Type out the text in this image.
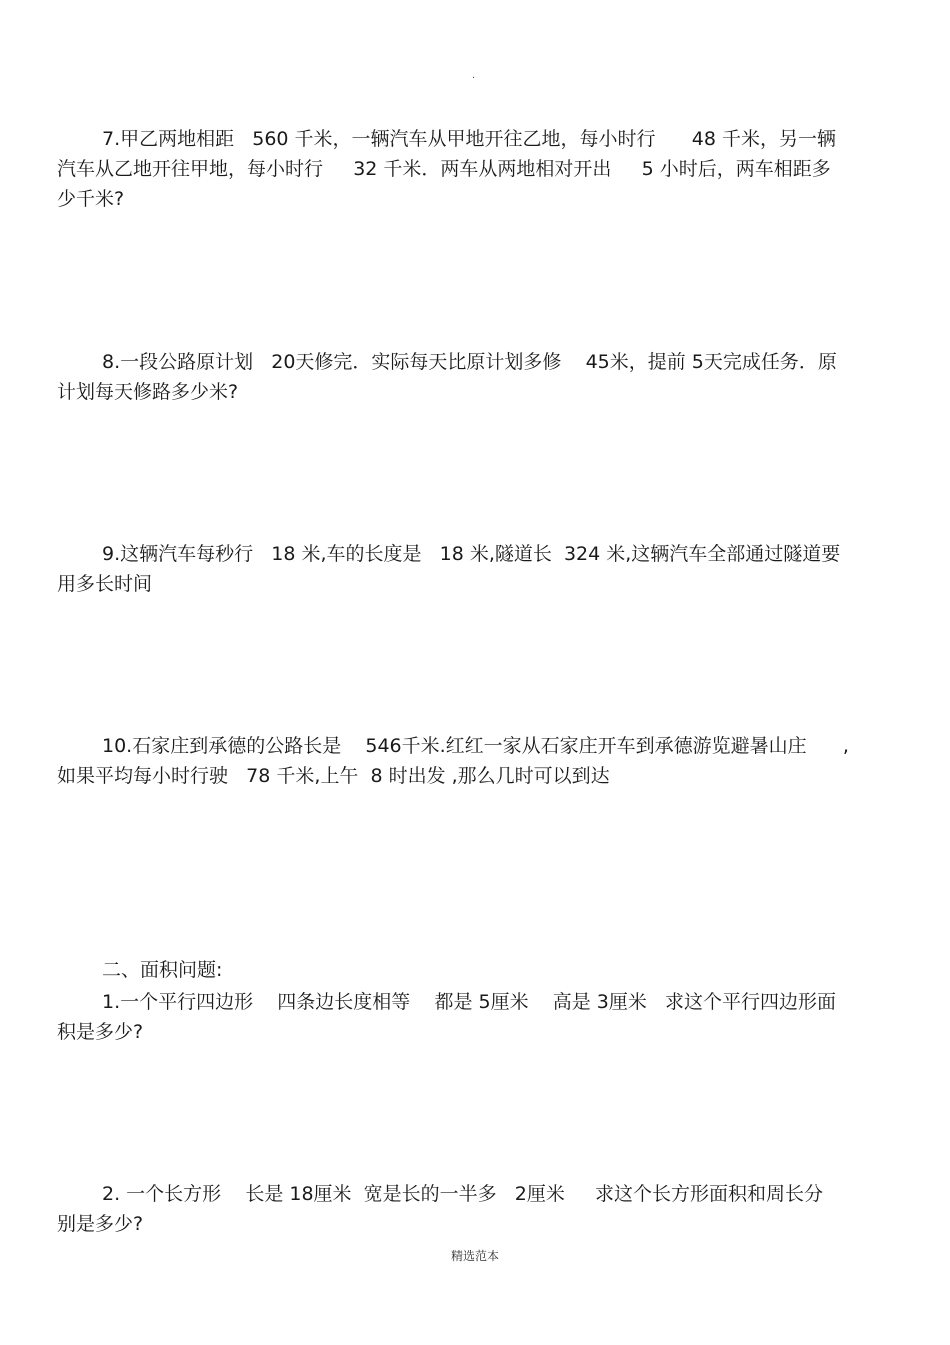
·
7.甲乙两地相距   560 千米，一辆汽车从甲地开往乙地，每小时行      48 千米，另一辆
汽车从乙地开往甲地，每小时行     32 千米．两车从两地相对开出     5 小时后，两车相距多
少千米?
8.一段公路原计划   20天修完．实际每天比原计划多修    45米，提前 5天完成任务．原
计划每天修路多少米?
9.这辆汽车每秒行   18 米,车的长度是   18 米,隧道长  324 米,这辆汽车全部通过隧道要
用多长时间
10.石家庄到承德的公路长是    546千米.红红一家从石家庄开车到承德游览避暑山庄      ,
如果平均每小时行驶   78 千米,上午  8 时出发 ,那么几时可以到达
二、面积问题:
1.一个平行四边形    四条边长度相等    都是 5厘米    高是 3厘米   求这个平行四边形面
积是多少?
2. 一个长方形    长是 18厘米  宽是长的一半多   2厘米     求这个长方形面积和周长分
别是多少?
精选范本
